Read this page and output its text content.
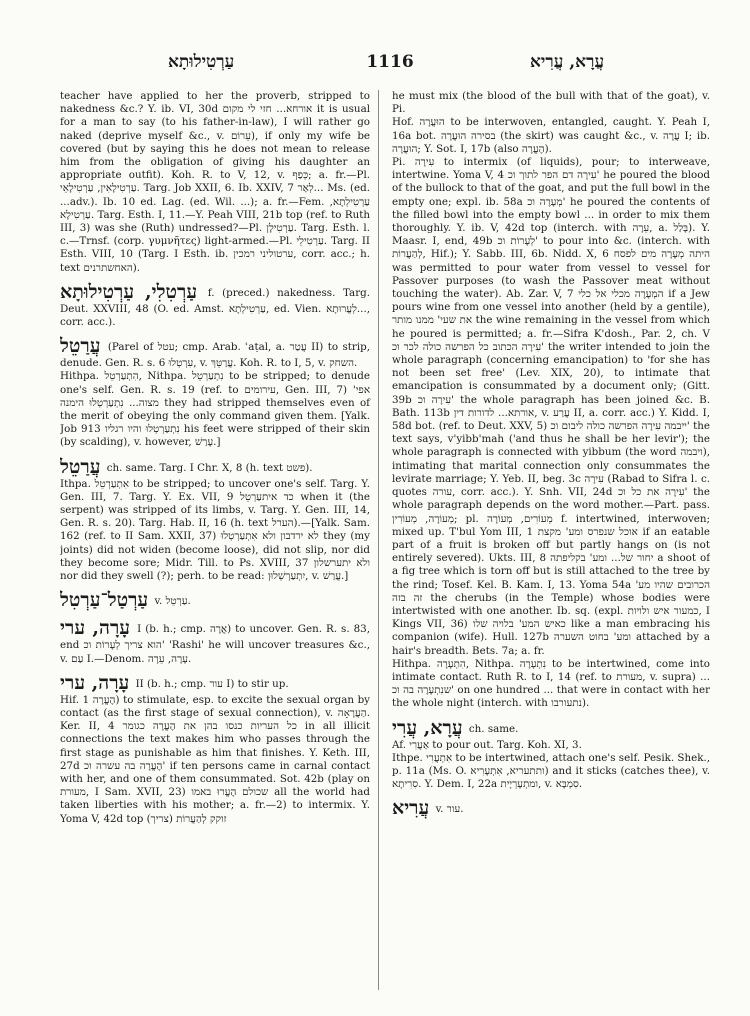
עַרְטִילוּתָא	1116	עֲרָא, עֲרִיא

teacher have applied to her the proverb, stripped to nakedness &c.? Y. ib. VI, 30d אורחא... חזי לי מקום it is usual for a man to say (to his father-in-law), I will rather go naked (deprive myself &c., v. עֵרוֹם), if only my wife be covered (but by saying this he does not mean to release him from the obligation of giving his daughter an appropriate outfit). Koh. R. to V, 12, v. כְּפַף; a. fr.—Pl. עַרְטִילָאִין, עַרְטִילָאֵי. Targ. Job XXII, 6. Ib. XXIV, 7 לְאַר... Ms. (ed. ...adv.). Ib. 10 ed. Lag. (ed. Wil. ...); a. fr.—Fem. עַרְטִילְתָא, עַרְטִילָא. Targ. Esth. I, 11.—Y. Peah VIII, 21b top (ref. to Ruth III, 3) was she (Ruth) undressed?—Pl. עַרְטִילָן. Targ. Esth. l. c.—Trnsf. (corp. γυμνῆτες) light-armed.—Pl. עַרְטִילֵי. Targ. II Esth. VIII, 10 (Targ. I Esth. ib. ערטוליני רמכין, corr. acc.; h. text האחשתרנים).

עַרְטִלִי, עַרְטִילוּתָא f. (preced.) nakedness. Targ. Deut. XXVIII, 48 (O. ed. Amst. עַרְטִילְתָא, ed. Vien. לְעֲרוּתָא..., corr. acc.).

עֲרַטֵל (Parel of עטל; cmp. Arab. ʿaṭal, a. עֲטַר II) to strip, denude. Gen. R. s. 6 עִרְטְלוּ, v. עֲרַטֵּךְ. Koh. R. to I, 5, v. השחק.

Hithpa. הִתְעַרְטֵל, Nithpa. נִתְעַרְטֵל to be stripped; to denude one's self. Gen. R. s. 19 (ref. to עירומים, Gen. III, 7) אפי' מצוה... נִתְעַרְטְלוּ הימנה they had stripped themselves even of the merit of obeying the only command given them. [Yalk. Job 913 נִתְעַרְטְלוּ והיו רגליו his feet were stripped of their skin (by scalding), v. however, עָרַשׁ.]

עֲרַטֵל ch. same. Targ. I Chr. X, 8 (h. text פשט).

Ithpa. אִתְעַרְטֵל to be stripped; to uncover one's self. Targ. Y. Gen. III, 7. Targ. Y. Ex. VII, 9 כד איתעַרְטֵל when it (the serpent) was stripped of its limbs, v. Targ. Y. Gen. III, 14, Gen. R. s. 20). Targ. Hab. II, 16 (h. text הערל).—[Yalk. Sam. 162 (ref. to II Sam. XXII, 37) לא ירדבון ולא אִתְעַרְטְלוּ they (my joints) did not widen (become loose), did not slip, nor did they become sore; Midr. Till. to Ps. XVIII, 37 ולא יתערשלון nor did they swell (?); perh. to be read: יִתְעַרְשְׁלוּן, v. עֲרַשׁ.]

עַרְטַל־עַרְטִל v. עַרְטֵל.

עָרָה, ערי I (b. h.; cmp. אֲרָה) to uncover. Gen. R. s. 83, end הוא צריך לְעָרוֹת וכ' 'Rashi' he will uncover treasures &c., v. עַם I.—Denom. עָרָה, עֵרָה.

עָרָה, ערי II (b. h.; cmp. עור I) to stir up.

Hif. הֶעֱרָה 1) to stimulate, esp. to excite the sexual organ by contact (as the first stage of sexual connection), v. הַעֲרָאָה. Ker. II, 4 כל העריות כנסו בהן את הֶעֱרָה כגומר in all illicit connections the text makes him who passes through the first stage as punishable as him that finishes. Y. Keth. III, 27d הֶעֱרָה בה עשרה וכ' if ten persons came in carnal contact with her, and one of them consummated. Sot. 42b (play on מעורת, I Sam. XVII, 23) שכולם הֶעֱרוּ באמו all the world had taken liberties with his mother; a. fr.—2) to intermix. Y. Yoma V, 42d top (צריך) זוקק לְהַעֲרוֹת

he must mix (the blood of the bull with that of the goat), v. Pi.

Hof. הוּעֲרָה to be interwoven, entangled, caught. Y. Peah I, 16a bot. בסירה הוּעֲרָה (the skirt) was caught &c., v. עֲרָה I; ib. הוּעֲרָה; Y. Sot. I, 17b (also הֶעֱרָה).

Pi. עִירָה to intermix (of liquids), pour; to interweave, intertwine. Yoma V, 4 עִירָה דם הפר לתוך וכ' he poured the blood of the bullock to that of the goat, and put the full bowl in the empty one; expl. ib. 58a מְעָרֶה וכ' he poured the contents of the filled bowl into the empty bowl ... in order to mix them thoroughly. Y. ib. V, 42d top (interch. with עֵרָה, a. בָּלַל). Y. Maasr. I, end, 49b לְעָרוֹת וכ' to pour into &c. (interch. with לְהַעֲרוֹת, Hif.); Y. Sabb. III, 6b. Nidd. X, 6 היתה מְעָרָה מים לפסח was permitted to pour water from vessel to vessel for Passover purposes (to wash the Passover meat without touching the water). Ab. Zar. V, 7 המְעָרֶה מכלי אל כלי if a Jew pours wine from one vessel into another (held by a gentile), את שעי' ממנו מותר the wine remaining in the vessel from which he poured is permitted; a. fr.—Sifra K'dosh., Par. 2, ch. V עִירָה הכתוב כל הפרשה כולה לכר וכ' the writer intended to join the whole paragraph (concerning emancipation) to 'for she has not been set free' (Lev. XIX, 20), to intimate that emancipation is consummated by a document only; (Gitt. 39b עִירָה וכ' the whole paragraph has been joined &c. B. Bath. 113b אורתא... לדורות דין, v. עֲרַע II, a. corr. acc.) Y. Kidd. I, 58d bot. (ref. to Deut. XXV, 5) ייבמה עִירָה הפרשה כולה ליבום וכ' the text says, v'yibb'mah ('and thus he shall be her levir'); the whole paragraph is connected with yibbum (the word ויבמה), intimating that marital connection only consummates the levirate marriage; Y. Yeb. II, beg. 3c עִירָה (Rabad to Sifra l. c. quotes עורה, corr. acc.). Y. Snh. VII, 24d עִירָה את כל וכ' the whole paragraph depends on the word mother.—Part. pass. מְעוֹרָה, מְעוֹרִין; pl. מְעוֹרִים, מְעוֹרָה f. intertwined, interwoven; mixed up. T'bul Yom III, 1 אוכל שנפרס ומע' מקצת if an eatable part of a fruit is broken off but partly hangs on (is not entirely severed). Ukts. III, 8 יחור של... ומע' בקליפתה a shoot of a fig tree which is torn off but is still attached to the tree by the rind; Tosef. Kel. B. Kam. I, 13. Yoma 54a הכרובים שהיו מע' זה בזה the cherubs (in the Temple) whose bodies were intertwisted with one another. Ib. sq. (expl. כמעור איש ולויות, I Kings VII, 36) כאיש המע' בלויה שלו like a man embracing his companion (wife). Hull. 127b ומע' בחוט השערה attached by a hair's breadth. Bets. 7a; a. fr.

Hithpa. הִתְעָרָה, Nithpa. נִתְעָרָה to be intertwined, come into intimate contact. Ruth R. to I, 14 (ref. to מעורת, v. supra) ... שנִתְעָרָה בה וכ' on one hundred ... that were in contact with her the whole night (interch. with נתעורבו).

עֲרָא, עֲרִי ch. same.

Af. אַעֲרִי to pour out. Targ. Koh. XI, 3.

Ithpe. אִתְעֲרִי to be intertwined, attach one's self. Pesik. Shek., p. 11a (Ms. O. ותתעריא, אִתְעָרִיא) and it sticks (catches thee), v. סִרִיתָא. Y. Dem. I, 22a ומתְעָרְיָית, v. סִמְבָּא.

עֲרִיא v. עור.
